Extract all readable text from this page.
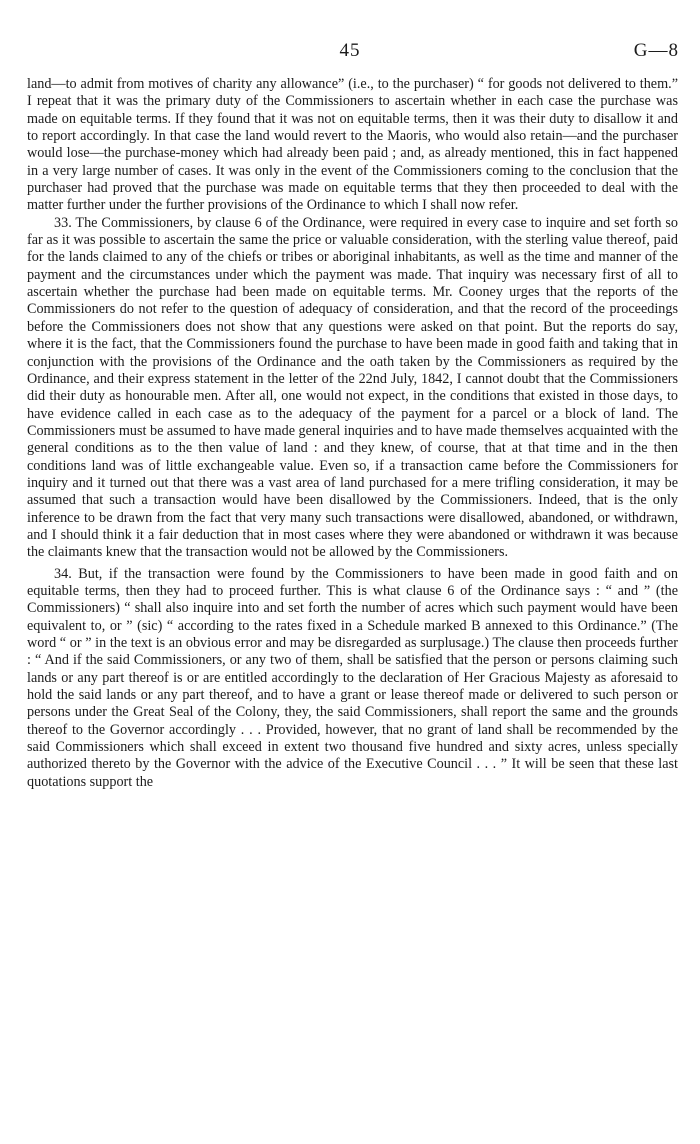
45	G—8

land—to admit from motives of charity any allowance” (i.e., to the purchaser) “ for goods not delivered to them.” I repeat that it was the primary duty of the Commissioners to ascertain whether in each case the purchase was made on equitable terms. If they found that it was not on equitable terms, then it was their duty to disallow it and to report accordingly. In that case the land would revert to the Maoris, who would also retain—and the purchaser would lose—the purchase-money which had already been paid ; and, as already mentioned, this in fact happened in a very large number of cases. It was only in the event of the Commissioners coming to the conclusion that the purchaser had proved that the purchase was made on equitable terms that they then proceeded to deal with the matter further under the further provisions of the Ordinance to which I shall now refer.

33. The Commissioners, by clause 6 of the Ordinance, were required in every case to inquire and set forth so far as it was possible to ascertain the same the price or valuable consideration, with the sterling value thereof, paid for the lands claimed to any of the chiefs or tribes or aboriginal inhabitants, as well as the time and manner of the payment and the circumstances under which the payment was made. That inquiry was necessary first of all to ascertain whether the purchase had been made on equitable terms. Mr. Cooney urges that the reports of the Commissioners do not refer to the question of adequacy of consideration, and that the record of the proceedings before the Commissioners does not show that any questions were asked on that point. But the reports do say, where it is the fact, that the Commissioners found the purchase to have been made in good faith and taking that in conjunction with the provisions of the Ordinance and the oath taken by the Commissioners as required by the Ordinance, and their express statement in the letter of the 22nd July, 1842, I cannot doubt that the Commissioners did their duty as honourable men. After all, one would not expect, in the conditions that existed in those days, to have evidence called in each case as to the adequacy of the payment for a parcel or a block of land. The Commissioners must be assumed to have made general inquiries and to have made themselves acquainted with the general conditions as to the then value of land : and they knew, of course, that at that time and in the then conditions land was of little exchangeable value. Even so, if a transaction came before the Commissioners for inquiry and it turned out that there was a vast area of land purchased for a mere trifling consideration, it may be assumed that such a transaction would have been disallowed by the Commissioners. Indeed, that is the only inference to be drawn from the fact that very many such transactions were disallowed, abandoned, or withdrawn, and I should think it a fair deduction that in most cases where they were abandoned or withdrawn it was because the claimants knew that the transaction would not be allowed by the Commissioners.

34. But, if the transaction were found by the Commissioners to have been made in good faith and on equitable terms, then they had to proceed further. This is what clause 6 of the Ordinance says : “ and ” (the Commissioners) “ shall also inquire into and set forth the number of acres which such payment would have been equivalent to, or ” (sic) “ according to the rates fixed in a Schedule marked B annexed to this Ordinance.” (The word “ or ” in the text is an obvious error and may be disregarded as surplusage.) The clause then proceeds further : “ And if the said Commissioners, or any two of them, shall be satisfied that the person or persons claiming such lands or any part thereof is or are entitled accordingly to the declaration of Her Gracious Majesty as aforesaid to hold the said lands or any part thereof, and to have a grant or lease thereof made or delivered to such person or persons under the Great Seal of the Colony, they, the said Commissioners, shall report the same and the grounds thereof to the Governor accordingly . . . Provided, however, that no grant of land shall be recommended by the said Commissioners which shall exceed in extent two thousand five hundred and sixty acres, unless specially authorized thereto by the Governor with the advice of the Executive Council . . . ” It will be seen that these last quotations support the
